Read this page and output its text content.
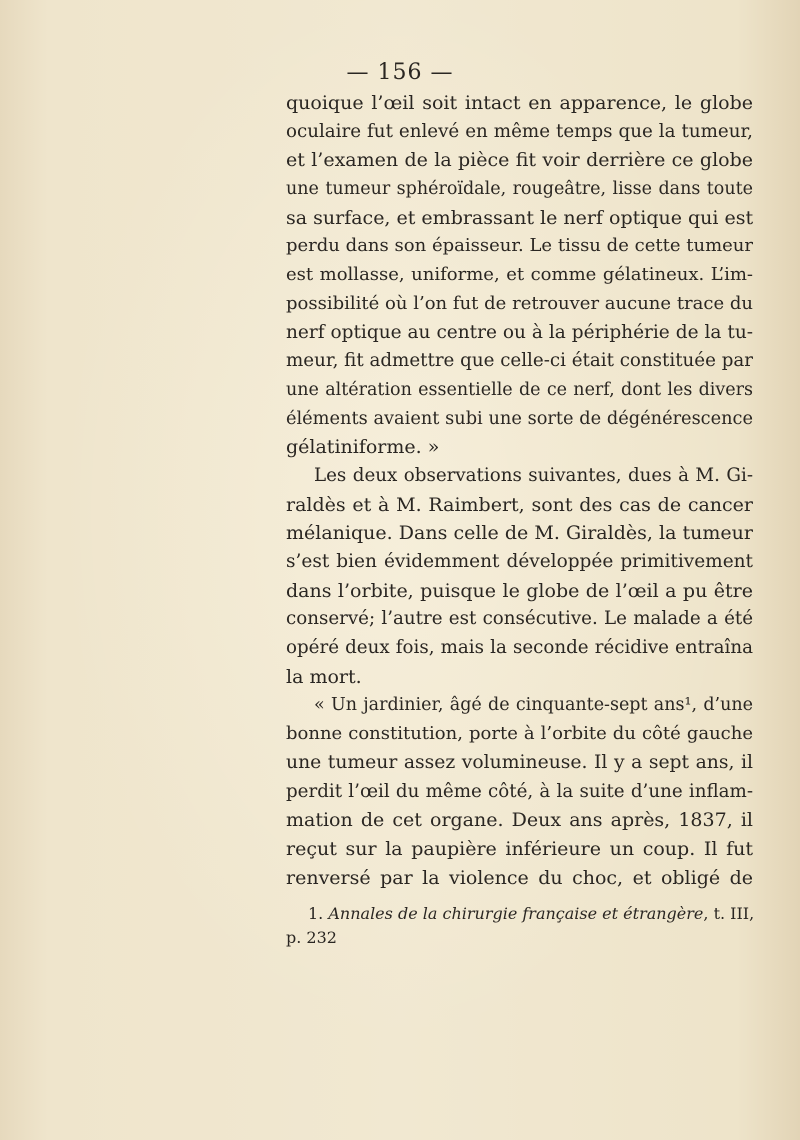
— 156 —
quoique l’œil soit intact en apparence, le globe
oculaire fut enlevé en même temps que la tumeur,
et l’examen de la pièce fit voir derrière ce globe
une tumeur sphéroïdale, rougeâtre, lisse dans toute
sa surface, et embrassant le nerf optique qui est
perdu dans son épaisseur. Le tissu de cette tumeur
est mollasse, uniforme, et comme gélatineux. L’im-
possibilité où l’on fut de retrouver aucune trace du
nerf optique au centre ou à la périphérie de la tu-
meur, fit admettre que celle-ci était constituée par
une altération essentielle de ce nerf, dont les divers
éléments avaient subi une sorte de dégénérescence
gélatiniforme. »
Les deux observations suivantes, dues à M. Gi-
raldès et à M. Raimbert, sont des cas de cancer
mélanique. Dans celle de M. Giraldès, la tumeur
s’est bien évidemment développée primitivement
dans l’orbite, puisque le globe de l’œil a pu être
conservé; l’autre est consécutive. Le malade a été
opéré deux fois, mais la seconde récidive entraîna
la mort.
« Un jardinier, âgé de cinquante-sept ans¹, d’une
bonne constitution, porte à l’orbite du côté gauche
une tumeur assez volumineuse. Il y a sept ans, il
perdit l’œil du même côté, à la suite d’une inflam-
mation de cet organe. Deux ans après, 1837, il
reçut sur la paupière inférieure un coup. Il fut
renversé par la violence du choc, et obligé de
1. Annales de la chirurgie française et étrangère, t. III,
p. 232
